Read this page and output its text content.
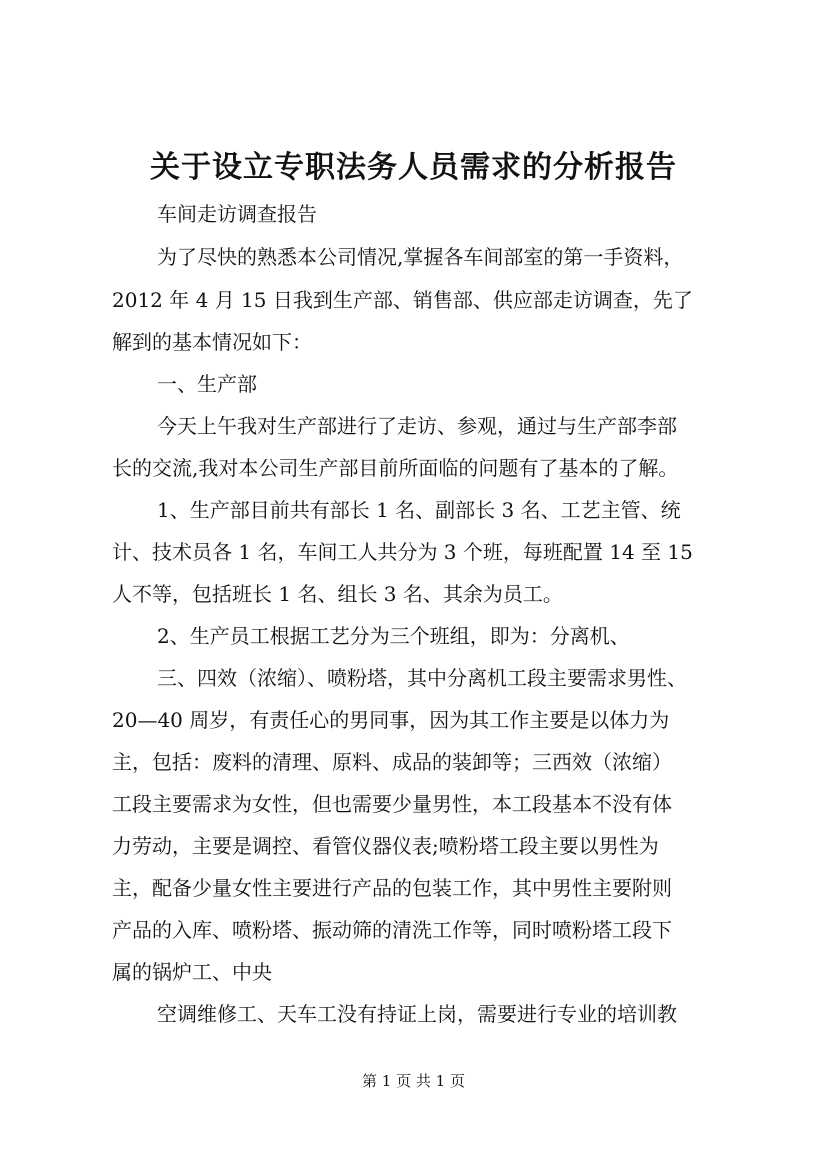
关于设立专职法务人员需求的分析报告
车间走访调查报告
为了尽快的熟悉本公司情况,掌握各车间部室的第一手资料，
2012 年 4 月 15 日我到生产部、销售部、供应部走访调查，先了
解到的基本情况如下：
一、生产部
今天上午我对生产部进行了走访、参观，通过与生产部李部
长的交流,我对本公司生产部目前所面临的问题有了基本的了解。
1、生产部目前共有部长 1 名、副部长 3 名、工艺主管、统
计、技术员各 1 名，车间工人共分为 3 个班，每班配置 14 至 15
人不等，包括班长 1 名、组长 3 名、其余为员工。
2、生产员工根据工艺分为三个班组，即为：分离机、
三、四效（浓缩）、喷粉塔，其中分离机工段主要需求男性、
20—40 周岁，有责任心的男同事，因为其工作主要是以体力为
主，包括：废料的清理、原料、成品的装卸等；三西效（浓缩）
工段主要需求为女性，但也需要少量男性，本工段基本不没有体
力劳动，主要是调控、看管仪器仪表;喷粉塔工段主要以男性为
主，配备少量女性主要进行产品的包装工作，其中男性主要附则
产品的入库、喷粉塔、振动筛的清洗工作等，同时喷粉塔工段下
属的锅炉工、中央
空调维修工、天车工没有持证上岗，需要进行专业的培训教
第 1 页 共 1 页
